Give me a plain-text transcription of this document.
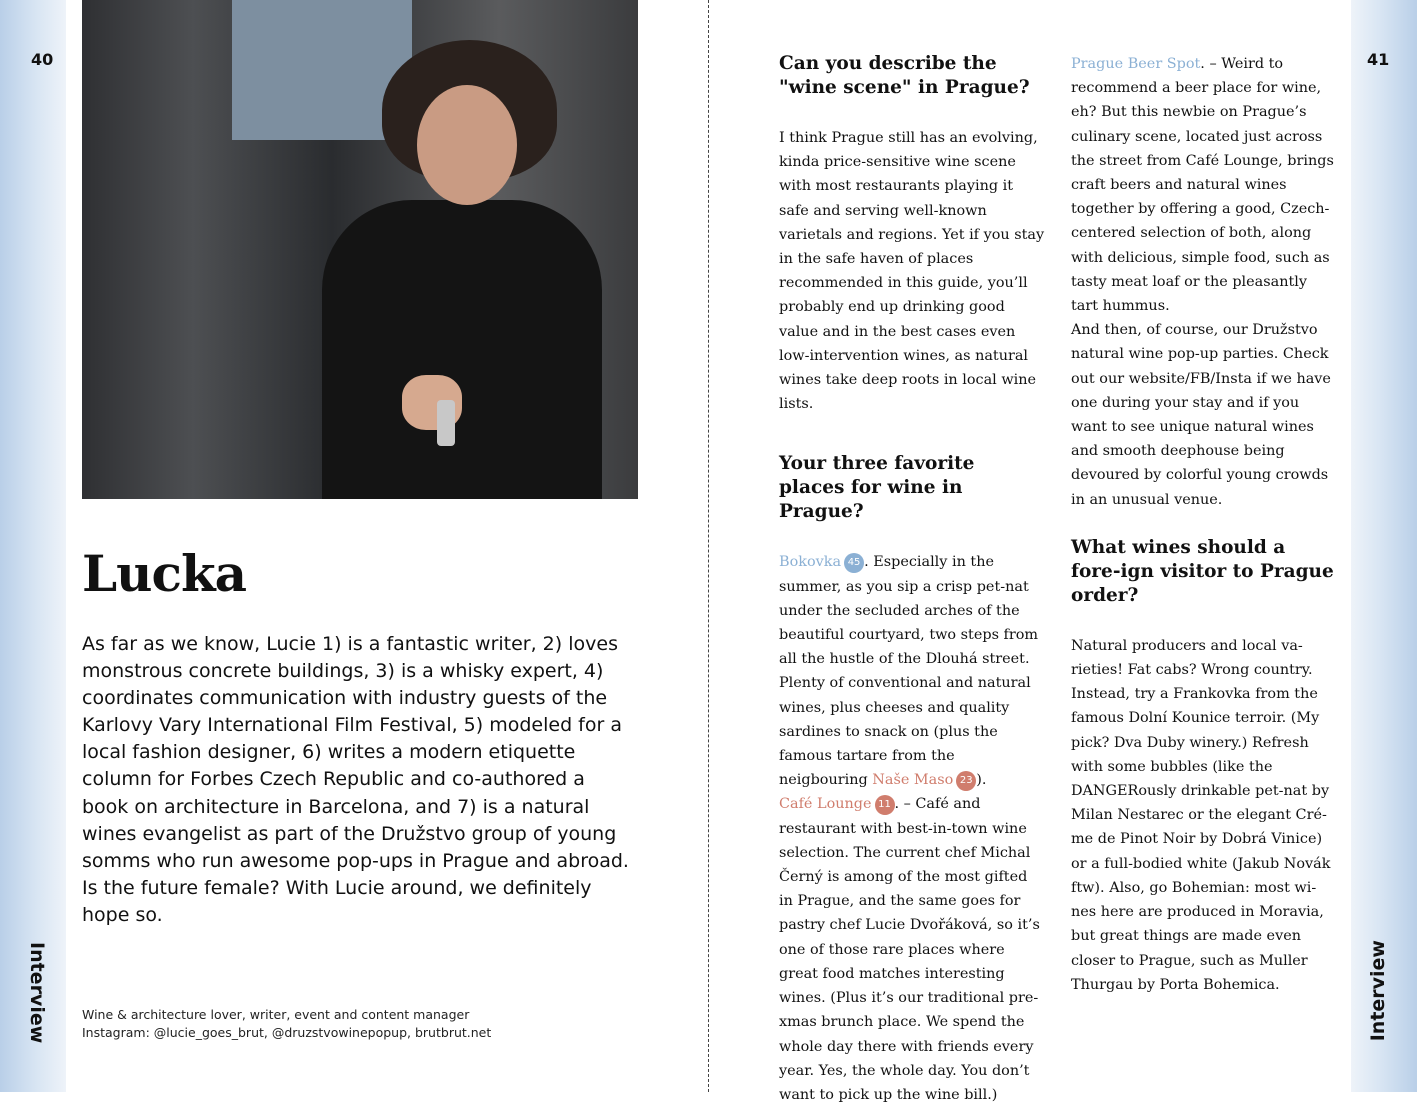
40	41
Interview	Interview
Lucka

As far as we know, Lucie 1) is a fantastic writer, 2) loves monstrous concrete buildings, 3) is a whisky expert, 4) coordinates communication with industry guests of the Karlovy Vary International Film Festival, 5) modeled for a local fashion designer, 6) writes a modern etiquette column for Forbes Czech Republic and co-authored a book on architecture in Barcelona, and 7) is a natural wines evangelist as part of the Družstvo group of young somms who run awesome pop-ups in Prague and abroad. Is the future female? With Lucie around, we definitely hope so.

Wine & architecture lover, writer, event and content manager
Instagram: @lucie_goes_brut, @druzstvowinepopup, brutbrut.net
Can you describe the "wine scene" in Prague?

I think Prague still has an evolving, kinda price-sensitive wine scene with most restaurants playing it safe and serving well-known varietals and regions. Yet if you stay in the safe haven of places recommended in this guide, you’ll probably end up drinking good value and in the best cases even low-intervention wines, as natural wines take deep roots in local wine lists.

Your three favorite places for wine in Prague?

Bokovka 45 . Especially in the summer, as you sip a crisp pet-nat under the secluded arches of the beautiful courtyard, two steps from all the hustle of the Dlouhá street. Plenty of conventional and natural wines, plus cheeses and quality sardines to snack on (plus the famous tartare from the neigbouring Naše Maso 23 ).

Café Lounge 11 . – Café and restaurant with best-in-town wine selection. The current chef Michal Černý is among of the most gifted in Prague, and the same goes for pastry chef Lucie Dvořáková, so it’s one of those rare places where great food matches interesting wines. (Plus it’s our traditional pre-xmas brunch place. We spend the whole day there with friends every year. Yes, the whole day. You don’t want to pick up the wine bill.)

Prague Beer Spot. – Weird to recommend a beer place for wine, eh? But this newbie on Prague’s culinary scene, located just across the street from Café Lounge, brings craft beers and natural wines together by offering a good, Czech-centered selection of both, along with delicious, simple food, such as tasty meat loaf or the pleasantly tart hummus.

And then, of course, our Družstvo natural wine pop-up parties. Check out our website/FB/Insta if we have one during your stay and if you want to see unique natural wines and smooth deephouse being devoured by colorful young crowds in an unusual venue.

What wines should a fore-ign visitor to Prague order?

Natural producers and local va-rieties! Fat cabs? Wrong country. Instead, try a Frankovka from the famous Dolní Kounice terroir. (My pick? Dva Duby winery.) Refresh with some bubbles (like the DANGERously drinkable pet-nat by Milan Nestarec or the elegant Cré-me de Pinot Noir by Dobrá Vinice) or a full-bodied white (Jakub Novák ftw). Also, go Bohemian: most wi-nes here are produced in Moravia, but great things are made even closer to Prague, such as Muller Thurgau by Porta Bohemica.
